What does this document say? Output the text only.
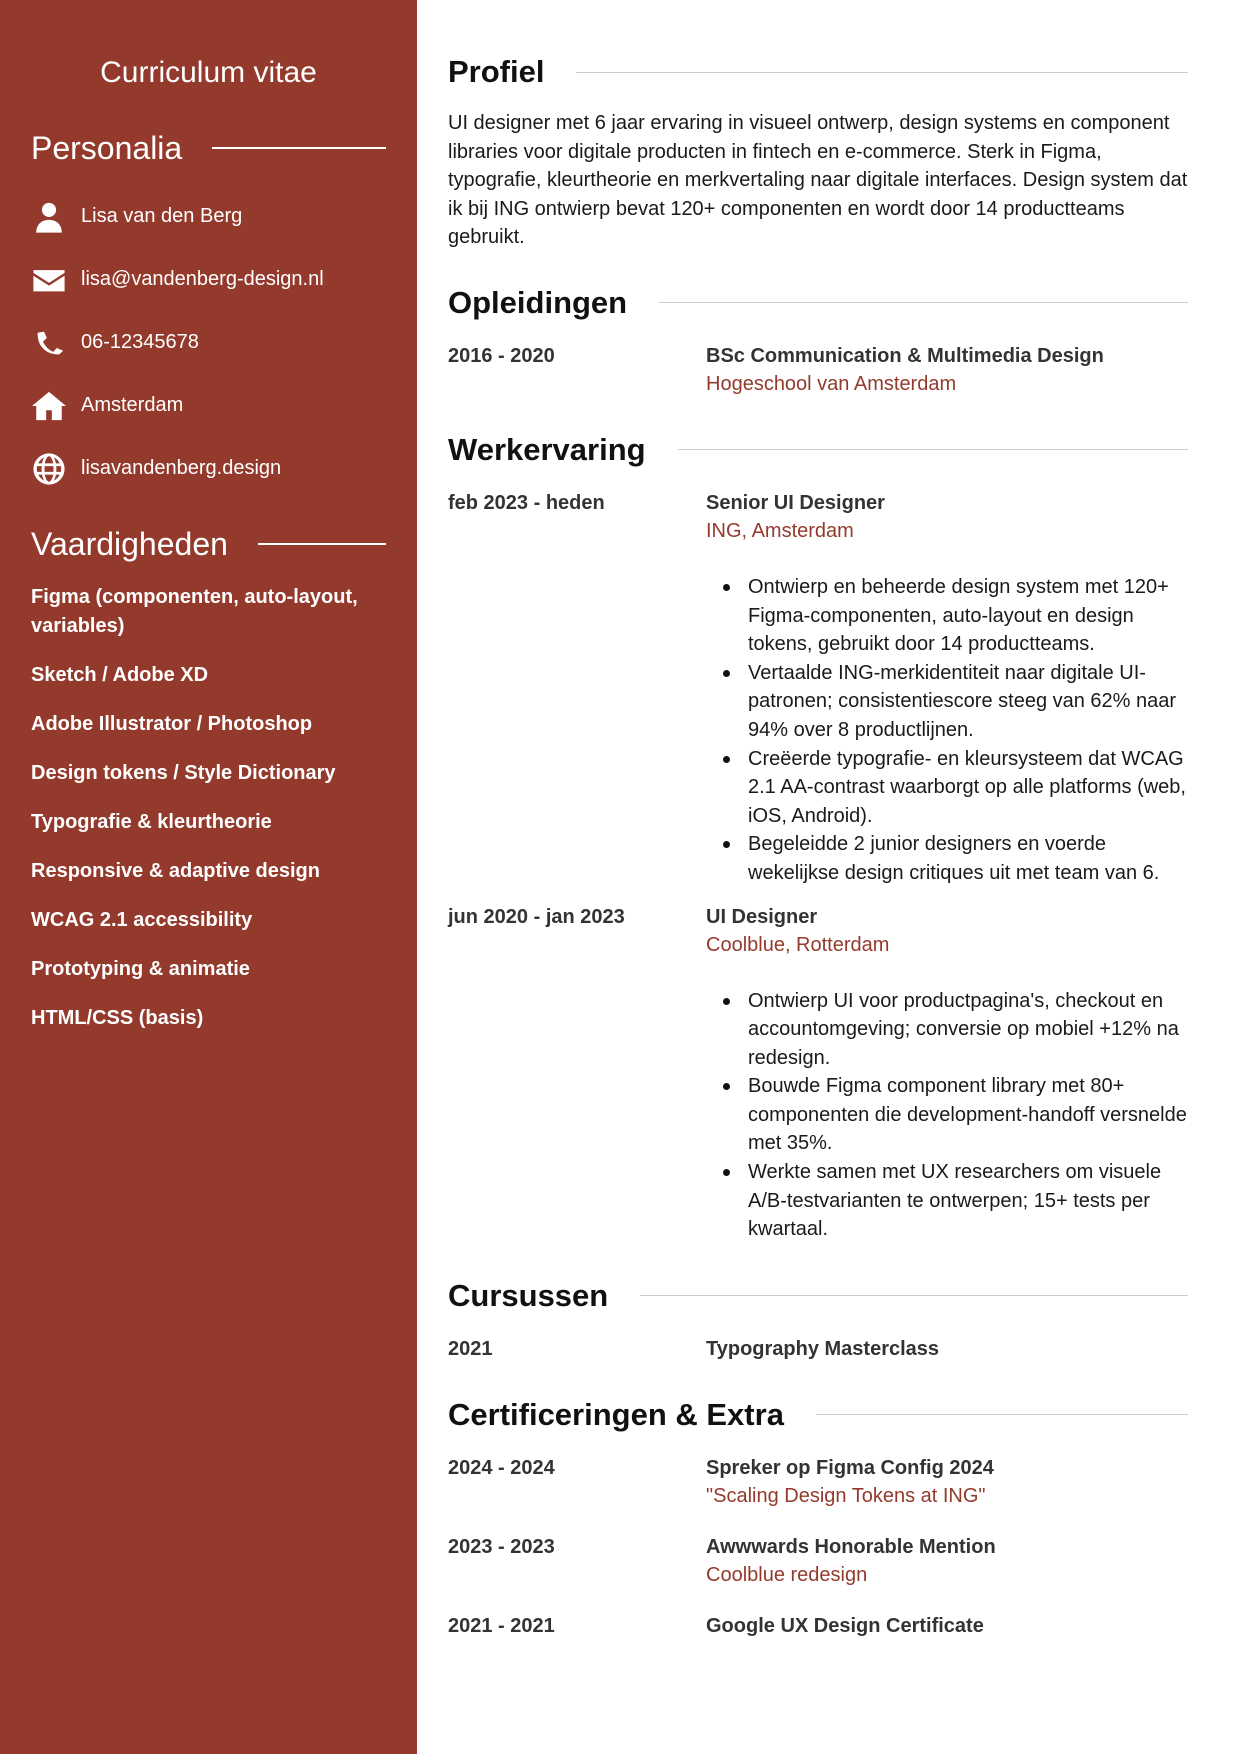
Curriculum vitae
Personalia
Lisa van den Berg
lisa@vandenberg-design.nl
06-12345678
Amsterdam
lisavandenberg.design
Vaardigheden
Figma (componenten, auto-layout, variables)
Sketch / Adobe XD
Adobe Illustrator / Photoshop
Design tokens / Style Dictionary
Typografie & kleurtheorie
Responsive & adaptive design
WCAG 2.1 accessibility
Prototyping & animatie
HTML/CSS (basis)
Profiel

UI designer met 6 jaar ervaring in visueel ontwerp, design systems en component libraries voor digitale producten in fintech en e-commerce. Sterk in Figma, typografie, kleurtheorie en merkvertaling naar digitale interfaces. Design system dat ik bij ING ontwierp bevat 120+ componenten en wordt door 14 productteams gebruikt.

Opleidingen
2016 - 2020	BSc Communication & Multimedia Design
Hogeschool van Amsterdam
Werkervaring
feb 2023 - heden	Senior UI Designer
ING, Amsterdam
Ontwierp en beheerde design system met 120+ Figma-componenten, auto-layout en design tokens, gebruikt door 14 productteams.
Vertaalde ING-merkidentiteit naar digitale UI-patronen; consistentiescore steeg van 62% naar 94% over 8 productlijnen.
Creëerde typografie- en kleursysteem dat WCAG 2.1 AA-contrast waarborgt op alle platforms (web, iOS, Android).
Begeleidde 2 junior designers en voerde wekelijkse design critiques uit met team van 6.
jun 2020 - jan 2023	UI Designer
Coolblue, Rotterdam
Ontwierp UI voor productpagina's, checkout en accountomgeving; conversie op mobiel +12% na redesign.
Bouwde Figma component library met 80+ componenten die development-handoff versnelde met 35%.
Werkte samen met UX researchers om visuele A/B-testvarianten te ontwerpen; 15+ tests per kwartaal.
Cursussen
2021	Typography Masterclass
Certificeringen & Extra
2024 - 2024	Spreker op Figma Config 2024
"Scaling Design Tokens at ING"
2023 - 2023	Awwwards Honorable Mention
Coolblue redesign
2021 - 2021	Google UX Design Certificate
